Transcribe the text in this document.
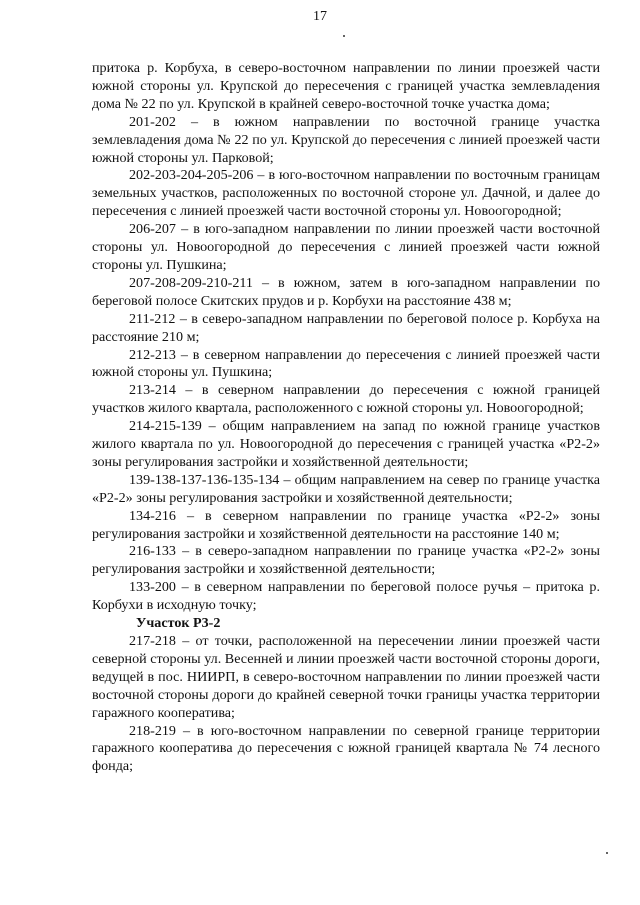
17

притока р. Корбуха, в северо-восточном направлении по линии проезжей части южной стороны ул. Крупской до пересечения с границей участка землевладения дома № 22 по ул. Крупской в крайней северо-восточной точке участка дома;

201-202 – в южном направлении по восточной границе участка землевладения дома № 22 по ул. Крупской до пересечения с линией проезжей части южной стороны ул. Парковой;

202-203-204-205-206 – в юго-восточном направлении по восточным границам земельных участков, расположенных по восточной стороне ул. Дачной, и далее до пересечения с линией проезжей части восточной стороны ул. Новоогородной;

206-207 – в юго-западном направлении по линии проезжей части восточной стороны ул. Новоогородной до пересечения с линией проезжей части южной стороны ул. Пушкина;

207-208-209-210-211 – в южном, затем в юго-западном направлении по береговой полосе Скитских прудов и р. Корбухи на расстояние 438 м;

211-212 – в северо-западном направлении по береговой полосе р. Корбуха на расстояние 210 м;

212-213 – в северном направлении до пересечения с линией проезжей части южной стороны ул. Пушкина;

213-214 – в северном направлении до пересечения с южной границей участков жилого квартала, расположенного с южной стороны ул. Новоогородной;

214-215-139 – общим направлением на запад по южной границе участков жилого квартала по ул. Новоогородной до пересечения с границей участка «Р2-2» зоны регулирования застройки и хозяйственной деятельности;

139-138-137-136-135-134 – общим направлением на север по границе участка «Р2-2» зоны регулирования застройки и хозяйственной деятельности;

134-216 – в северном направлении по границе участка «Р2-2» зоны регулирования застройки и хозяйственной деятельности на расстояние 140 м;

216-133 – в северо-западном направлении по границе участка «Р2-2» зоны регулирования застройки и хозяйственной деятельности;

133-200 – в северном направлении по береговой полосе ручья – притока р. Корбухи в исходную точку;

Участок Р3-2

217-218 – от точки, расположенной на пересечении линии проезжей части северной стороны ул. Весенней и линии проезжей части восточной стороны дороги, ведущей в пос. НИИРП, в северо-восточном направлении по линии проезжей части восточной стороны дороги до крайней северной точки границы участка территории гаражного кооператива;

218-219 – в юго-восточном направлении по северной границе территории гаражного кооператива до пересечения с южной границей квартала № 74 лесного фонда;
